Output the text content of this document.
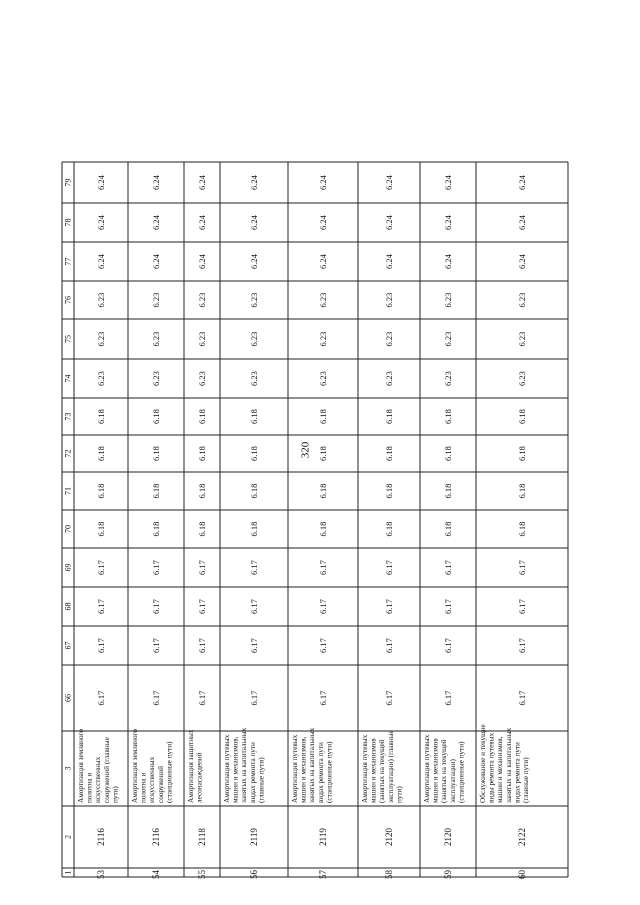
320
1
2
3
66
67
68
69
70
71
72
73
74
75
76
77
78
79
53
2116
Амортизация земляного полотна и искусственных сооружений (главные пути)
6.17
6.17
6.17
6.17
6.18
6.18
6.18
6.18
6.23
6.23
6.23
6.24
6.24
6.24
54
2116
Амортизация земляного полотна и искусственных сооружений (станционные пути)
6.17
6.17
6.17
6.17
6.18
6.18
6.18
6.18
6.23
6.23
6.23
6.24
6.24
6.24
55
2118
Амортизация защитных лесонасаждений
6.17
6.17
6.17
6.17
6.18
6.18
6.18
6.18
6.23
6.23
6.23
6.24
6.24
6.24
56
2119
Амортизация путевых машин и механизмов, занятых на капитальных видах ремонта пути (главные пути)
6.17
6.17
6.17
6.17
6.18
6.18
6.18
6.18
6.23
6.23
6.23
6.24
6.24
6.24
57
2119
Амортизация путевых машин и механизмов, занятых на капитальных видах ремонта пути (станционные пути)
6.17
6.17
6.17
6.17
6.18
6.18
6.18
6.18
6.23
6.23
6.23
6.24
6.24
6.24
58
2120
Амортизация путевых машин и механизмов (занятых на текущей эксплуатации) (главные пути)
6.17
6.17
6.17
6.17
6.18
6.18
6.18
6.18
6.23
6.23
6.23
6.24
6.24
6.24
59
2120
Амортизация путевых машин и механизмов (занятых на текущей эксплуатации) (станционные пути)
6.17
6.17
6.17
6.17
6.18
6.18
6.18
6.18
6.23
6.23
6.23
6.24
6.24
6.24
60
2122
Обслуживание и текущие виды ремонта путевых машин и механизмов, занятых на капитальных видах ремонта пути (главные пути)
6.17
6.17
6.17
6.17
6.18
6.18
6.18
6.18
6.23
6.23
6.23
6.24
6.24
6.24
